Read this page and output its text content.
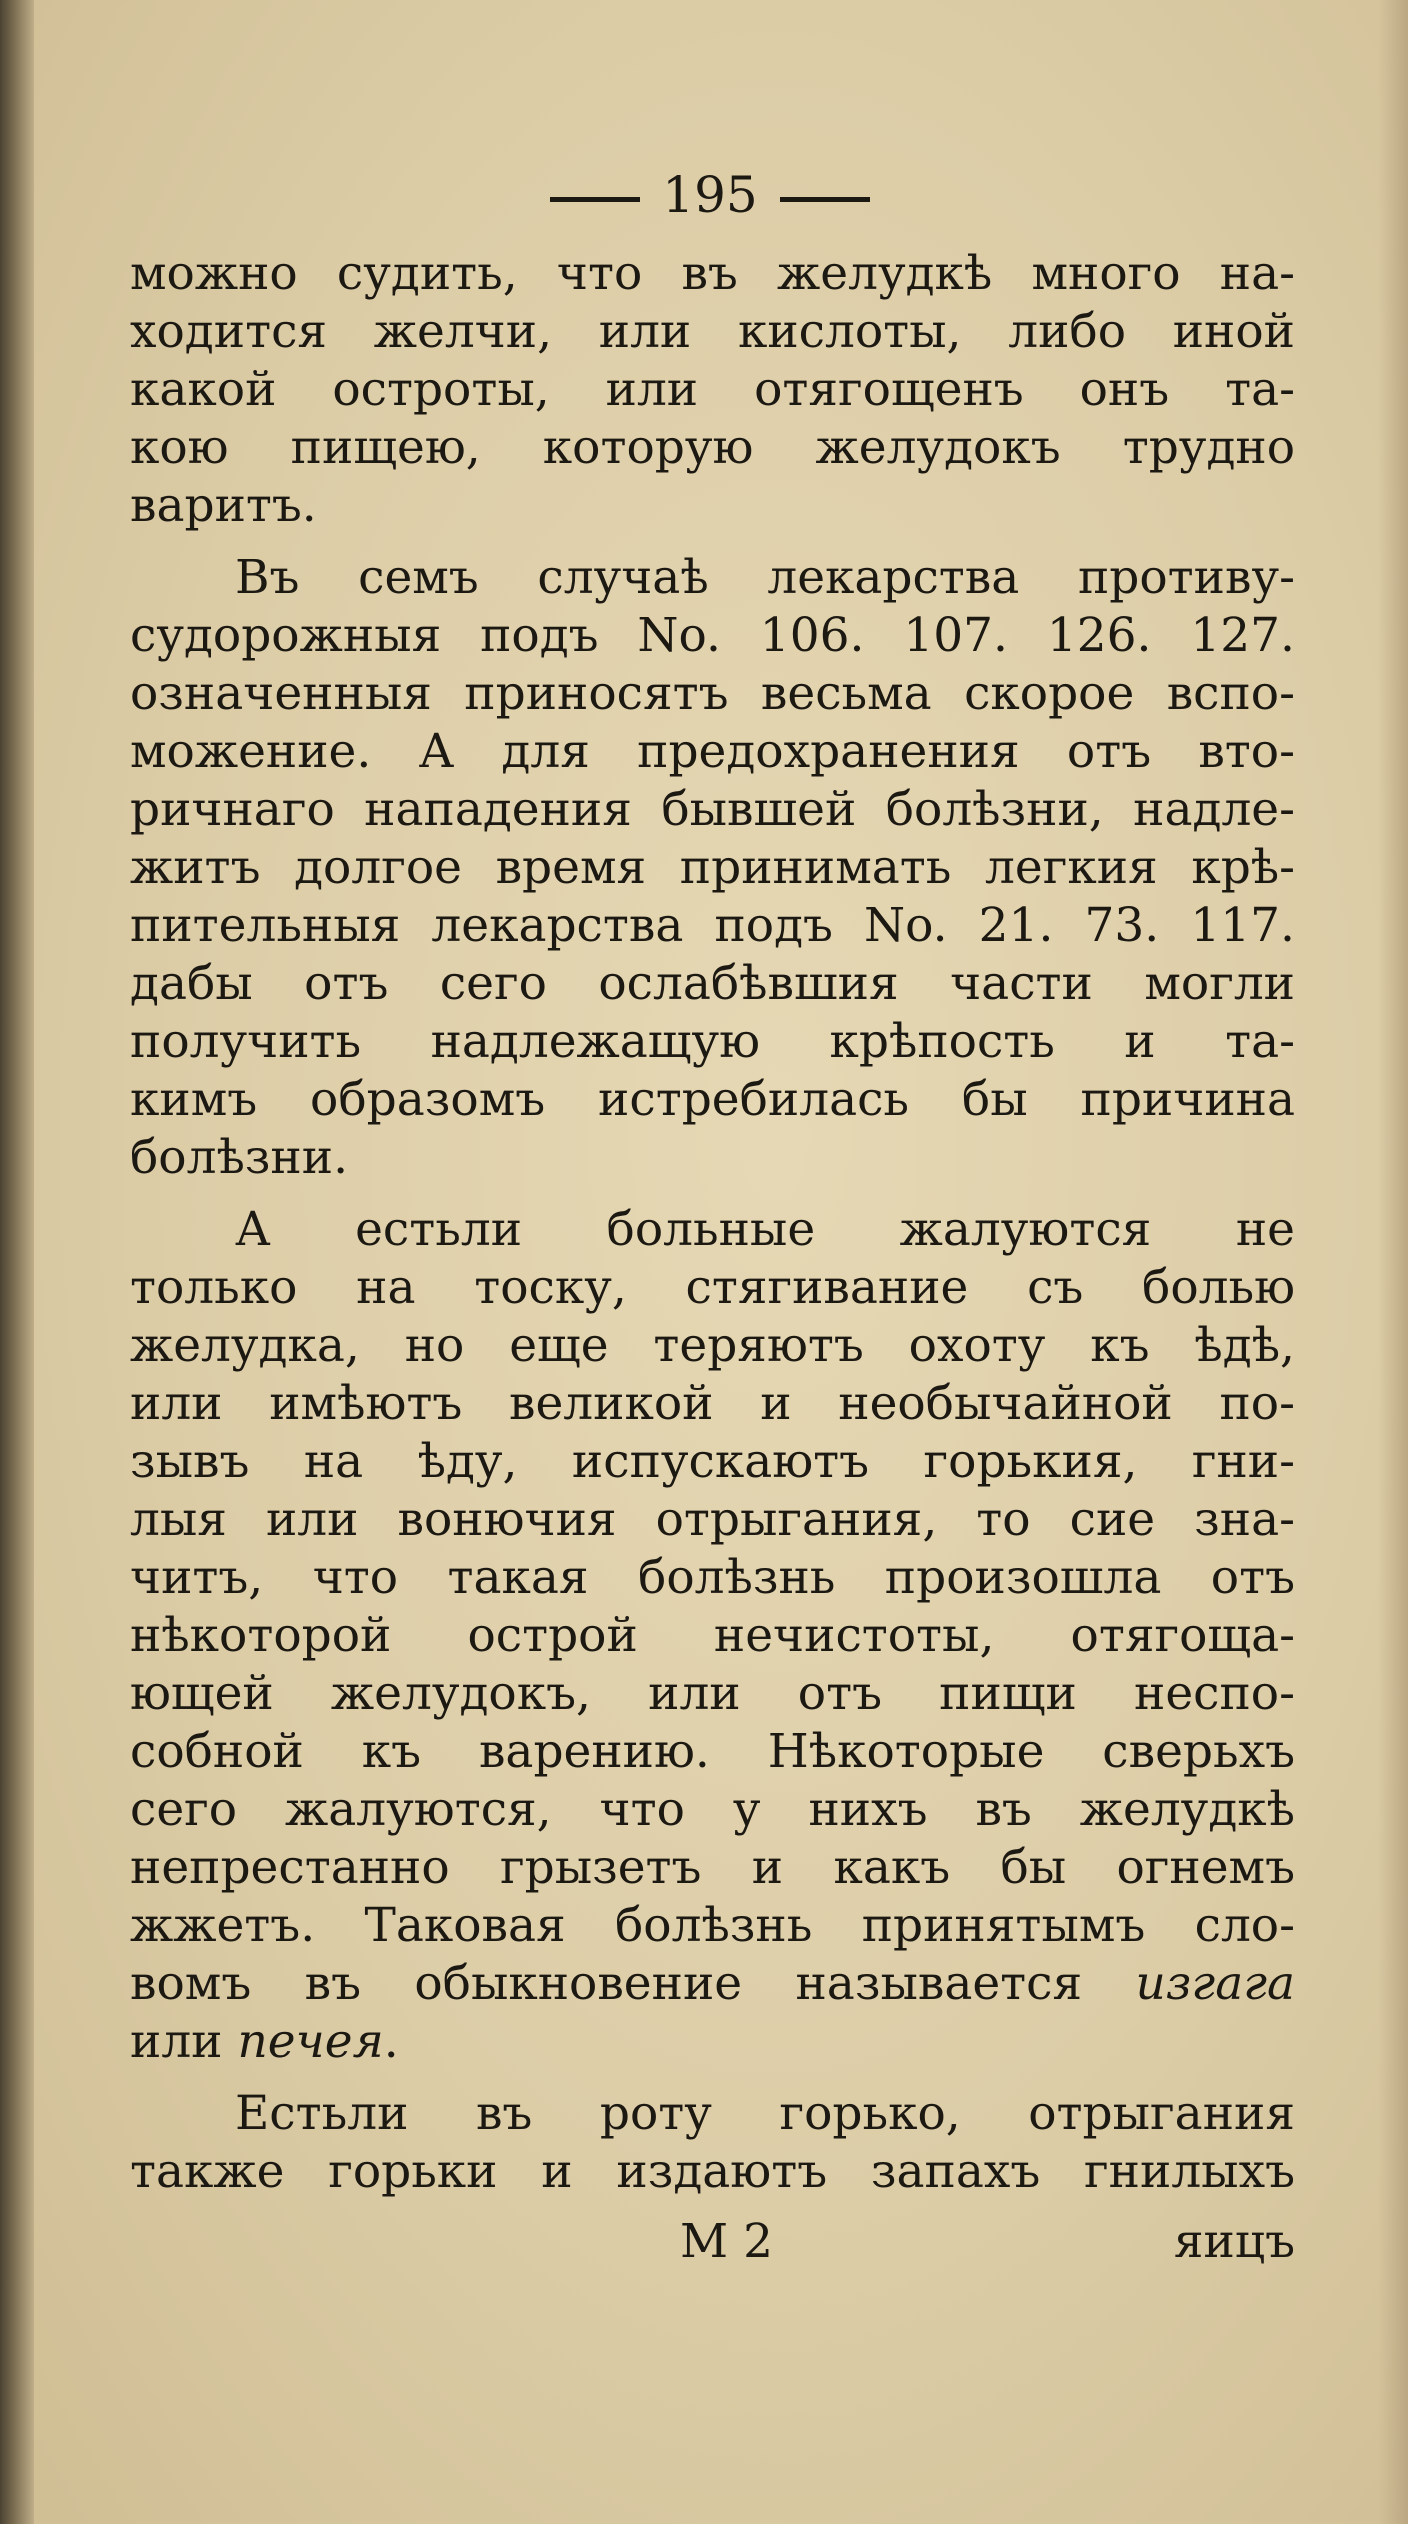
195
можно судить, что въ желудкѣ много на-
ходится желчи, или кислоты, либо иной
какой остроты, или отягощенъ онъ та-
кою пищею, которую желудокъ трудно
варитъ.
Въ семъ случаѣ лекарства противу-
судорожныя подъ No. 106. 107. 126. 127.
означенныя приносятъ весьма скорое вспо-
можение. А для предохранения отъ вто-
ричнаго нападения бывшей болѣзни, надле-
житъ долгое время принимать легкия крѣ-
пительныя лекарства подъ No. 21. 73. 117.
дабы отъ сего ослабѣвшия части могли
получить надлежащую крѣпость и та-
кимъ образомъ истребилась бы причина
болѣзни.
А естьли больные жалуются не
только на тоску, стягивание съ болью
желудка, но еще теряютъ охоту къ ѣдѣ,
или имѣютъ великой и необычайной по-
зывъ на ѣду, испускаютъ горькия, гни-
лыя или вонючия отрыгания, то сие зна-
читъ, что такая болѣзнь произошла отъ
нѣкоторой острой нечистоты, отягоща-
ющей желудокъ, или отъ пищи неспо-
собной къ варению. Нѣкоторые сверьхъ
сего жалуются, что у нихъ въ желудкѣ
непрестанно грызетъ и какъ бы огнемъ
жжетъ. Таковая болѣзнь принятымъ сло-
вомъ въ обыкновение называется изгага
или печея.
Естьли въ роту горько, отрыгания
также горьки и издаютъ запахъ гнилыхъ
М 2	яицъ
